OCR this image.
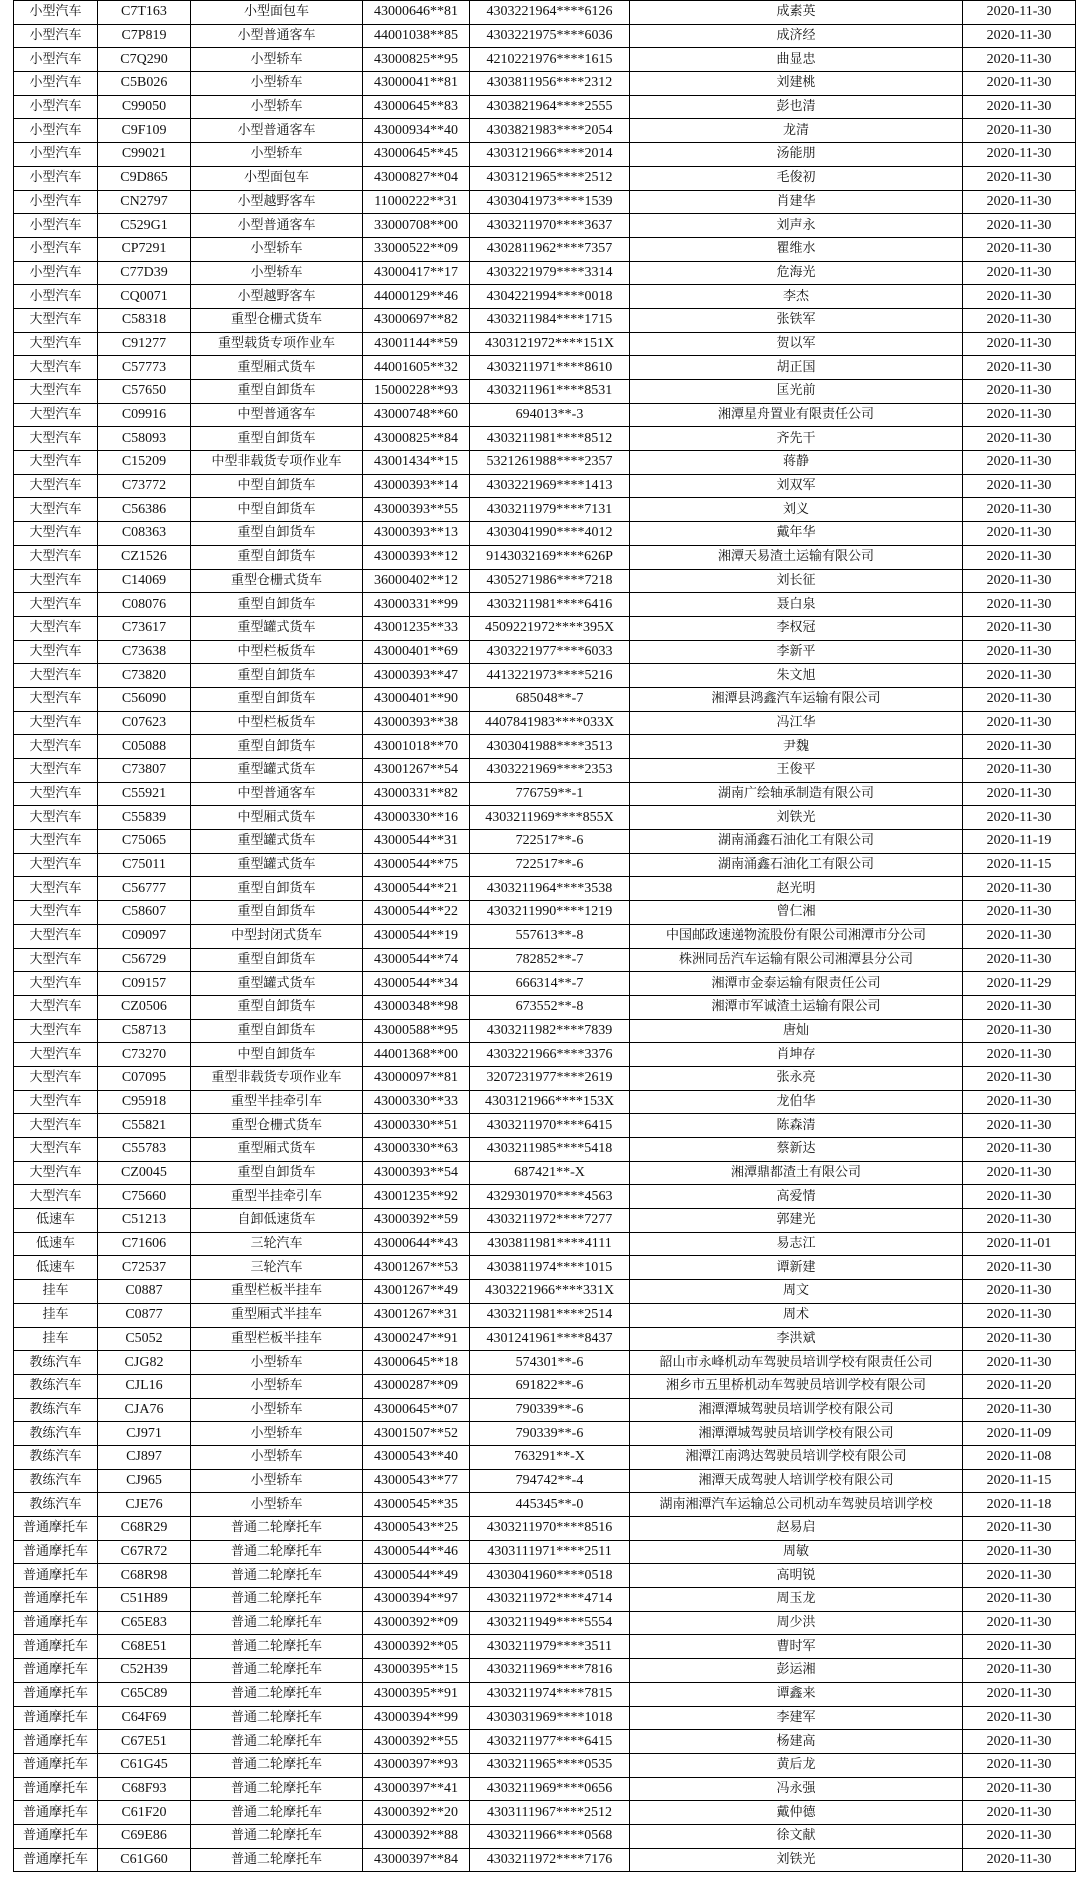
小型汽车	C7T163	小型面包车	43000646**81	4303221964****6126	成素英	2020-11-30
小型汽车	C7P819	小型普通客车	44001038**85	4303221975****6036	成济经	2020-11-30
小型汽车	C7Q290	小型轿车	43000825**95	4210221976****1615	曲显忠	2020-11-30
小型汽车	C5B026	小型轿车	43000041**81	4303811956****2312	刘建桃	2020-11-30
小型汽车	C99050	小型轿车	43000645**83	4303821964****2555	彭也清	2020-11-30
小型汽车	C9F109	小型普通客车	43000934**40	4303821983****2054	龙清	2020-11-30
小型汽车	C99021	小型轿车	43000645**45	4303121966****2014	汤能朋	2020-11-30
小型汽车	C9D865	小型面包车	43000827**04	4303121965****2512	毛俊初	2020-11-30
小型汽车	CN2797	小型越野客车	11000222**31	4303041973****1539	肖建华	2020-11-30
小型汽车	C529G1	小型普通客车	33000708**00	4303211970****3637	刘声永	2020-11-30
小型汽车	CP7291	小型轿车	33000522**09	4302811962****7357	瞿维水	2020-11-30
小型汽车	C77D39	小型轿车	43000417**17	4303221979****3314	危海光	2020-11-30
小型汽车	CQ0071	小型越野客车	44000129**46	4304221994****0018	李杰	2020-11-30
大型汽车	C58318	重型仓栅式货车	43000697**82	4303211984****1715	张铁军	2020-11-30
大型汽车	C91277	重型载货专项作业车	43001144**59	4303121972****151X	贺以军	2020-11-30
大型汽车	C57773	重型厢式货车	44001605**32	4303211971****8610	胡正国	2020-11-30
大型汽车	C57650	重型自卸货车	15000228**93	4303211961****8531	匡光前	2020-11-30
大型汽车	C09916	中型普通客车	43000748**60	694013**-3	湘潭星舟置业有限责任公司	2020-11-30
大型汽车	C58093	重型自卸货车	43000825**84	4303211981****8512	齐先干	2020-11-30
大型汽车	C15209	中型非载货专项作业车	43001434**15	5321261988****2357	蒋静	2020-11-30
大型汽车	C73772	中型自卸货车	43000393**14	4303221969****1413	刘双军	2020-11-30
大型汽车	C56386	中型自卸货车	43000393**55	4303211979****7131	刘义	2020-11-30
大型汽车	C08363	重型自卸货车	43000393**13	4303041990****4012	戴年华	2020-11-30
大型汽车	CZ1526	重型自卸货车	43000393**12	9143032169****626P	湘潭天易渣土运输有限公司	2020-11-30
大型汽车	C14069	重型仓栅式货车	36000402**12	4305271986****7218	刘长征	2020-11-30
大型汽车	C08076	重型自卸货车	43000331**99	4303211981****6416	聂白泉	2020-11-30
大型汽车	C73617	重型罐式货车	43001235**33	4509221972****395X	李权冠	2020-11-30
大型汽车	C73638	中型栏板货车	43000401**69	4303221977****6033	李新平	2020-11-30
大型汽车	C73820	重型自卸货车	43000393**47	4413221973****5216	朱文旭	2020-11-30
大型汽车	C56090	重型自卸货车	43000401**90	685048**-7	湘潭县鸿鑫汽车运输有限公司	2020-11-30
大型汽车	C07623	中型栏板货车	43000393**38	4407841983****033X	冯江华	2020-11-30
大型汽车	C05088	重型自卸货车	43001018**70	4303041988****3513	尹魏	2020-11-30
大型汽车	C73807	重型罐式货车	43001267**54	4303221969****2353	王俊平	2020-11-30
大型汽车	C55921	中型普通客车	43000331**82	776759**-1	湖南广绘轴承制造有限公司	2020-11-30
大型汽车	C55839	中型厢式货车	43000330**16	4303211969****855X	刘铁光	2020-11-30
大型汽车	C75065	重型罐式货车	43000544**31	722517**-6	湖南涌鑫石油化工有限公司	2020-11-19
大型汽车	C75011	重型罐式货车	43000544**75	722517**-6	湖南涌鑫石油化工有限公司	2020-11-15
大型汽车	C56777	重型自卸货车	43000544**21	4303211964****3538	赵光明	2020-11-30
大型汽车	C58607	重型自卸货车	43000544**22	4303211990****1219	曾仁湘	2020-11-30
大型汽车	C09097	中型封闭式货车	43000544**19	557613**-8	中国邮政速递物流股份有限公司湘潭市分公司	2020-11-30
大型汽车	C56729	重型自卸货车	43000544**74	782852**-7	株洲同岳汽车运输有限公司湘潭县分公司	2020-11-30
大型汽车	C09157	重型罐式货车	43000544**34	666314**-7	湘潭市金泰运输有限责任公司	2020-11-29
大型汽车	CZ0506	重型自卸货车	43000348**98	673552**-8	湘潭市军诚渣土运输有限公司	2020-11-30
大型汽车	C58713	重型自卸货车	43000588**95	4303211982****7839	唐灿	2020-11-30
大型汽车	C73270	中型自卸货车	44001368**00	4303221966****3376	肖坤存	2020-11-30
大型汽车	C07095	重型非载货专项作业车	43000097**81	3207231977****2619	张永亮	2020-11-30
大型汽车	C95918	重型半挂牵引车	43000330**33	4303121966****153X	龙伯华	2020-11-30
大型汽车	C55821	重型仓栅式货车	43000330**51	4303211970****6415	陈森清	2020-11-30
大型汽车	C55783	重型厢式货车	43000330**63	4303211985****5418	蔡新达	2020-11-30
大型汽车	CZ0045	重型自卸货车	43000393**54	687421**-X	湘潭鼎都渣土有限公司	2020-11-30
大型汽车	C75660	重型半挂牵引车	43001235**92	4329301970****4563	高爱情	2020-11-30
低速车	C51213	自卸低速货车	43000392**59	4303211972****7277	郭建光	2020-11-30
低速车	C71606	三轮汽车	43000644**43	4303811981****4111	易志江	2020-11-01
低速车	C72537	三轮汽车	43001267**53	4303811974****1015	谭新建	2020-11-30
挂车	C0887	重型栏板半挂车	43001267**49	4303221966****331X	周文	2020-11-30
挂车	C0877	重型厢式半挂车	43001267**31	4303211981****2514	周术	2020-11-30
挂车	C5052	重型栏板半挂车	43000247**91	4301241961****8437	李洪斌	2020-11-30
教练汽车	CJG82	小型轿车	43000645**18	574301**-6	韶山市永峰机动车驾驶员培训学校有限责任公司	2020-11-30
教练汽车	CJL16	小型轿车	43000287**09	691822**-6	湘乡市五里桥机动车驾驶员培训学校有限公司	2020-11-20
教练汽车	CJA76	小型轿车	43000645**07	790339**-6	湘潭潭城驾驶员培训学校有限公司	2020-11-30
教练汽车	CJ971	小型轿车	43001507**52	790339**-6	湘潭潭城驾驶员培训学校有限公司	2020-11-09
教练汽车	CJ897	小型轿车	43000543**40	763291**-X	湘潭江南鸿达驾驶员培训学校有限公司	2020-11-08
教练汽车	CJ965	小型轿车	43000543**77	794742**-4	湘潭天成驾驶人培训学校有限公司	2020-11-15
教练汽车	CJE76	小型轿车	43000545**35	445345**-0	湖南湘潭汽车运输总公司机动车驾驶员培训学校	2020-11-18
普通摩托车	C68R29	普通二轮摩托车	43000543**25	4303211970****8516	赵易启	2020-11-30
普通摩托车	C67R72	普通二轮摩托车	43000544**46	4303111971****2511	周敏	2020-11-30
普通摩托车	C68R98	普通二轮摩托车	43000544**49	4303041960****0518	高明锐	2020-11-30
普通摩托车	C51H89	普通二轮摩托车	43000394**97	4303211972****4714	周玉龙	2020-11-30
普通摩托车	C65E83	普通二轮摩托车	43000392**09	4303211949****5554	周少洪	2020-11-30
普通摩托车	C68E51	普通二轮摩托车	43000392**05	4303211979****3511	曹时军	2020-11-30
普通摩托车	C52H39	普通二轮摩托车	43000395**15	4303211969****7816	彭运湘	2020-11-30
普通摩托车	C65C89	普通二轮摩托车	43000395**91	4303211974****7815	谭鑫来	2020-11-30
普通摩托车	C64F69	普通二轮摩托车	43000394**99	4303031969****1018	李建军	2020-11-30
普通摩托车	C67E51	普通二轮摩托车	43000392**55	4303211977****6415	杨建高	2020-11-30
普通摩托车	C61G45	普通二轮摩托车	43000397**93	4303211965****0535	黄后龙	2020-11-30
普通摩托车	C68F93	普通二轮摩托车	43000397**41	4303211969****0656	冯永强	2020-11-30
普通摩托车	C61F20	普通二轮摩托车	43000392**20	4303111967****2512	戴仲德	2020-11-30
普通摩托车	C69E86	普通二轮摩托车	43000392**88	4303211966****0568	徐文献	2020-11-30
普通摩托车	C61G60	普通二轮摩托车	43000397**84	4303211972****7176	刘铁光	2020-11-30
